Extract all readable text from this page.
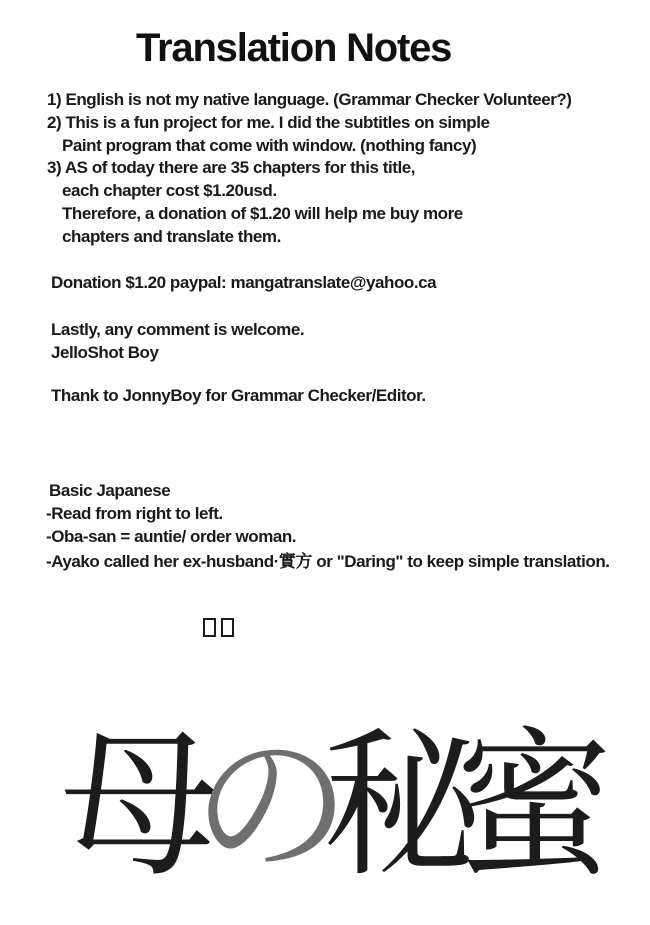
Translation Notes

1) English is not my native language. (Grammar Checker Volunteer?)

2) This is a fun project for me. I did the subtitles on simple

Paint program that come with window. (nothing fancy)

3) AS of today there are 35 chapters for this title,

each chapter cost $1.20usd.

Therefore, a donation of $1.20 will help me buy more

chapters and translate them.

Donation $1.20 paypal: mangatranslate@yahoo.ca

Lastly, any comment is welcome.

JelloShot Boy

Thank to JonnyBoy for Grammar Checker/Editor.

Basic Japanese

-Read from right to left.

-Oba-san = auntie/ order woman.

-Ayako called her ex-husband·實方 or "Daring" to keep simple translation.

母の秘蜜
